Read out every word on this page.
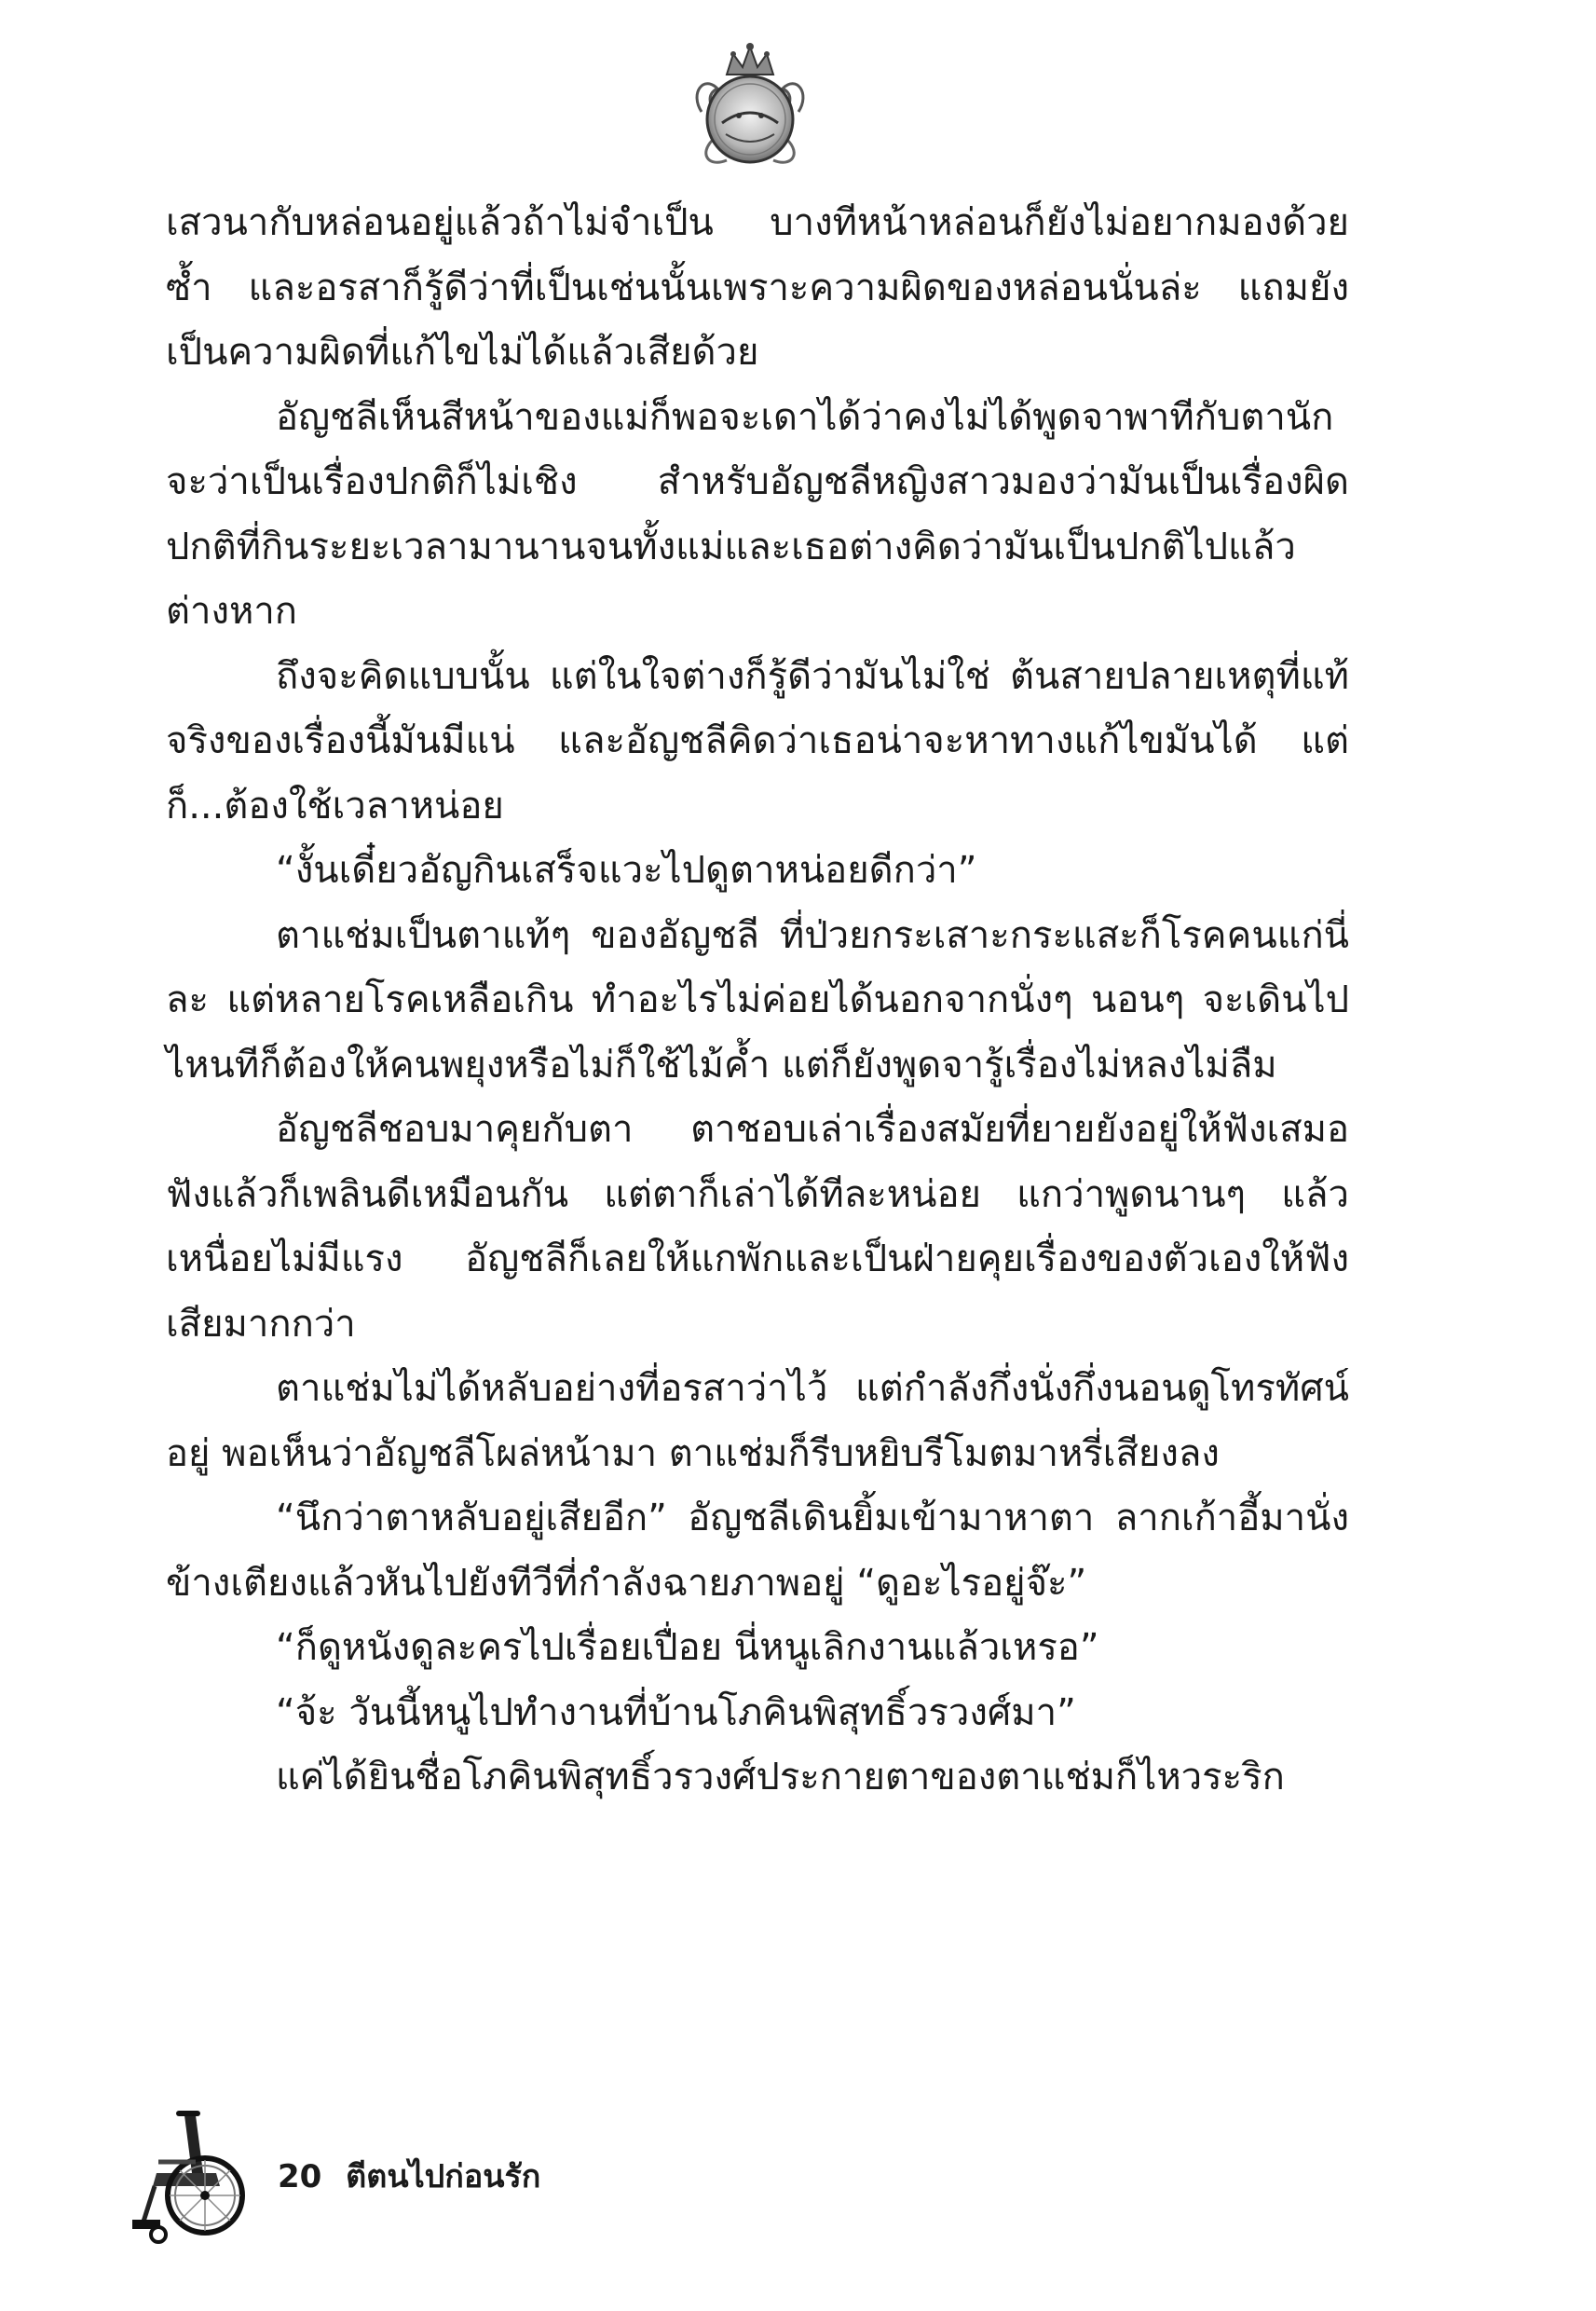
เสวนากับหล่อนอยู่แล้วถ้าไม่จำเป็น บางทีหน้าหล่อนก็ยังไม่อยากมองด้วยซ้ำ และอรสาก็รู้ดีว่าที่เป็นเช่นนั้นเพราะความผิดของหล่อนนั่นล่ะ แถมยังเป็นความผิดที่แก้ไขไม่ได้แล้วเสียด้วย

อัญชลีเห็นสีหน้าของแม่ก็พอจะเดาได้ว่าคงไม่ได้พูดจาพาทีกับตานัก จะว่าเป็นเรื่องปกติก็ไม่เชิง สำหรับอัญชลีหญิงสาวมองว่ามันเป็นเรื่องผิดปกติที่กินระยะเวลามานานจนทั้งแม่และเธอต่างคิดว่ามันเป็นปกติไปแล้วต่างหาก

ถึงจะคิดแบบนั้น แต่ในใจต่างก็รู้ดีว่ามันไม่ใช่ ต้นสายปลายเหตุที่แท้จริงของเรื่องนี้มันมีแน่ และอัญชลีคิดว่าเธอน่าจะหาทางแก้ไขมันได้ แต่ก็...ต้องใช้เวลาหน่อย

“งั้นเดี๋ยวอัญกินเสร็จแวะไปดูตาหน่อยดีกว่า”

ตาแช่มเป็นตาแท้ๆ ของอัญชลี ที่ป่วยกระเสาะกระแสะก็โรคคนแก่นี่ละ แต่หลายโรคเหลือเกิน ทำอะไรไม่ค่อยได้นอกจากนั่งๆ นอนๆ จะเดินไปไหนทีก็ต้องให้คนพยุงหรือไม่ก็ใช้ไม้ค้ำ แต่ก็ยังพูดจารู้เรื่องไม่หลงไม่ลืม

อัญชลีชอบมาคุยกับตา ตาชอบเล่าเรื่องสมัยที่ยายยังอยู่ให้ฟังเสมอ ฟังแล้วก็เพลินดีเหมือนกัน แต่ตาก็เล่าได้ทีละหน่อย แกว่าพูดนานๆ แล้วเหนื่อยไม่มีแรง อัญชลีก็เลยให้แกพักและเป็นฝ่ายคุยเรื่องของตัวเองให้ฟังเสียมากกว่า

ตาแช่มไม่ได้หลับอย่างที่อรสาว่าไว้ แต่กำลังกึ่งนั่งกึ่งนอนดูโทรทัศน์อยู่ พอเห็นว่าอัญชลีโผล่หน้ามา ตาแช่มก็รีบหยิบรีโมตมาหรี่เสียงลง

“นึกว่าตาหลับอยู่เสียอีก” อัญชลีเดินยิ้มเข้ามาหาตา ลากเก้าอี้มานั่งข้างเตียงแล้วหันไปยังทีวีที่กำลังฉายภาพอยู่ “ดูอะไรอยู่จ๊ะ”

“ก็ดูหนังดูละครไปเรื่อยเปื่อย นี่หนูเลิกงานแล้วเหรอ”

“จ้ะ วันนี้หนูไปทำงานที่บ้านโภคินพิสุทธิ์วรวงศ์มา”

แค่ได้ยินชื่อโภคินพิสุทธิ์วรวงศ์ประกายตาของตาแช่มก็ไหวระริก

20 ตีตนไปก่อนรัก
